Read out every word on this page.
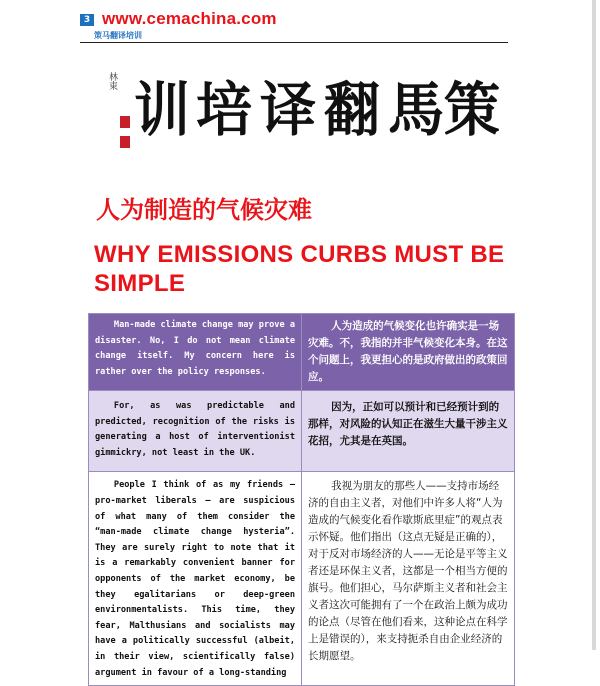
3 www.cemachina.com
策马翻译培训
林東 训 培 译 翻 馬 策
人为制造的气候灾难
WHY EMISSIONS CURBS MUST BE SIMPLE
Man-made climate change may prove a disaster. No, I do not mean climate change itself. My concern here is rather over the policy responses.	人为造成的气候变化也许确实是一场灾难。不，我指的并非气候变化本身。在这个问题上，我更担心的是政府做出的政策回应。
For, as was predictable and predicted, recognition of the risks is generating a host of interventionist gimmickry, not least in the UK.	因为，正如可以预计和已经预计到的那样，对风险的认知正在滋生大量干涉主义花招，尤其是在英国。
People I think of as my friends – pro-market liberals – are suspicious of what many of them consider the “man-made climate change hysteria”. They are surely right to note that it is a remarkably convenient banner for opponents of the market economy, be they egalitarians or deep-green environmentalists. This time, they fear, Malthusians and socialists may have a politically successful (albeit, in their view, scientifically false) argument in favour of a long-standing	我视为朋友的那些人——支持市场经济的自由主义者，对他们中许多人将“人为造成的气候变化看作歇斯底里症”的观点表示怀疑。他们指出（这点无疑是正确的），对于反对市场经济的人——无论是平等主义者还是环保主义者，这都是一个相当方便的旗号。他们担心，马尔萨斯主义者和社会主义者这次可能拥有了一个在政治上颇为成功的论点（尽管在他们看来，这种论点在科学上是错误的），来支持扼杀自由企业经济的长期愿望。
